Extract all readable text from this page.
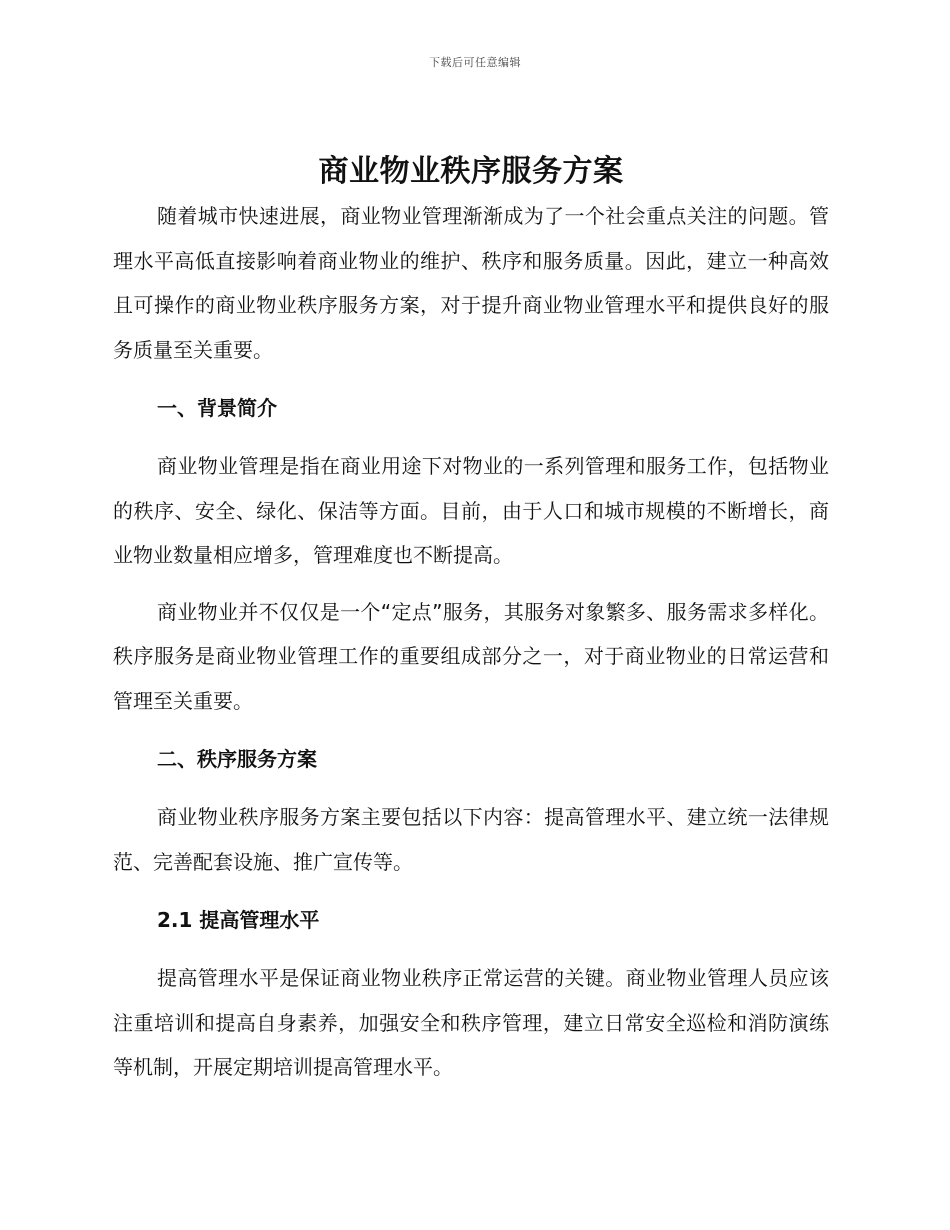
下载后可任意编辑
商业物业秩序服务方案

随着城市快速进展，商业物业管理渐渐成为了一个社会重点关注的问题。管理水平高低直接影响着商业物业的维护、秩序和服务质量。因此，建立一种高效且可操作的商业物业秩序服务方案，对于提升商业物业管理水平和提供良好的服务质量至关重要。

一、背景简介

商业物业管理是指在商业用途下对物业的一系列管理和服务工作，包括物业的秩序、安全、绿化、保洁等方面。目前，由于人口和城市规模的不断增长，商业物业数量相应增多，管理难度也不断提高。

商业物业并不仅仅是一个“定点”服务，其服务对象繁多、服务需求多样化。秩序服务是商业物业管理工作的重要组成部分之一，对于商业物业的日常运营和管理至关重要。

二、秩序服务方案

商业物业秩序服务方案主要包括以下内容：提高管理水平、建立统一法律规范、完善配套设施、推广宣传等。

2.1 提高管理水平

提高管理水平是保证商业物业秩序正常运营的关键。商业物业管理人员应该注重培训和提高自身素养，加强安全和秩序管理，建立日常安全巡检和消防演练等机制，开展定期培训提高管理水平。
